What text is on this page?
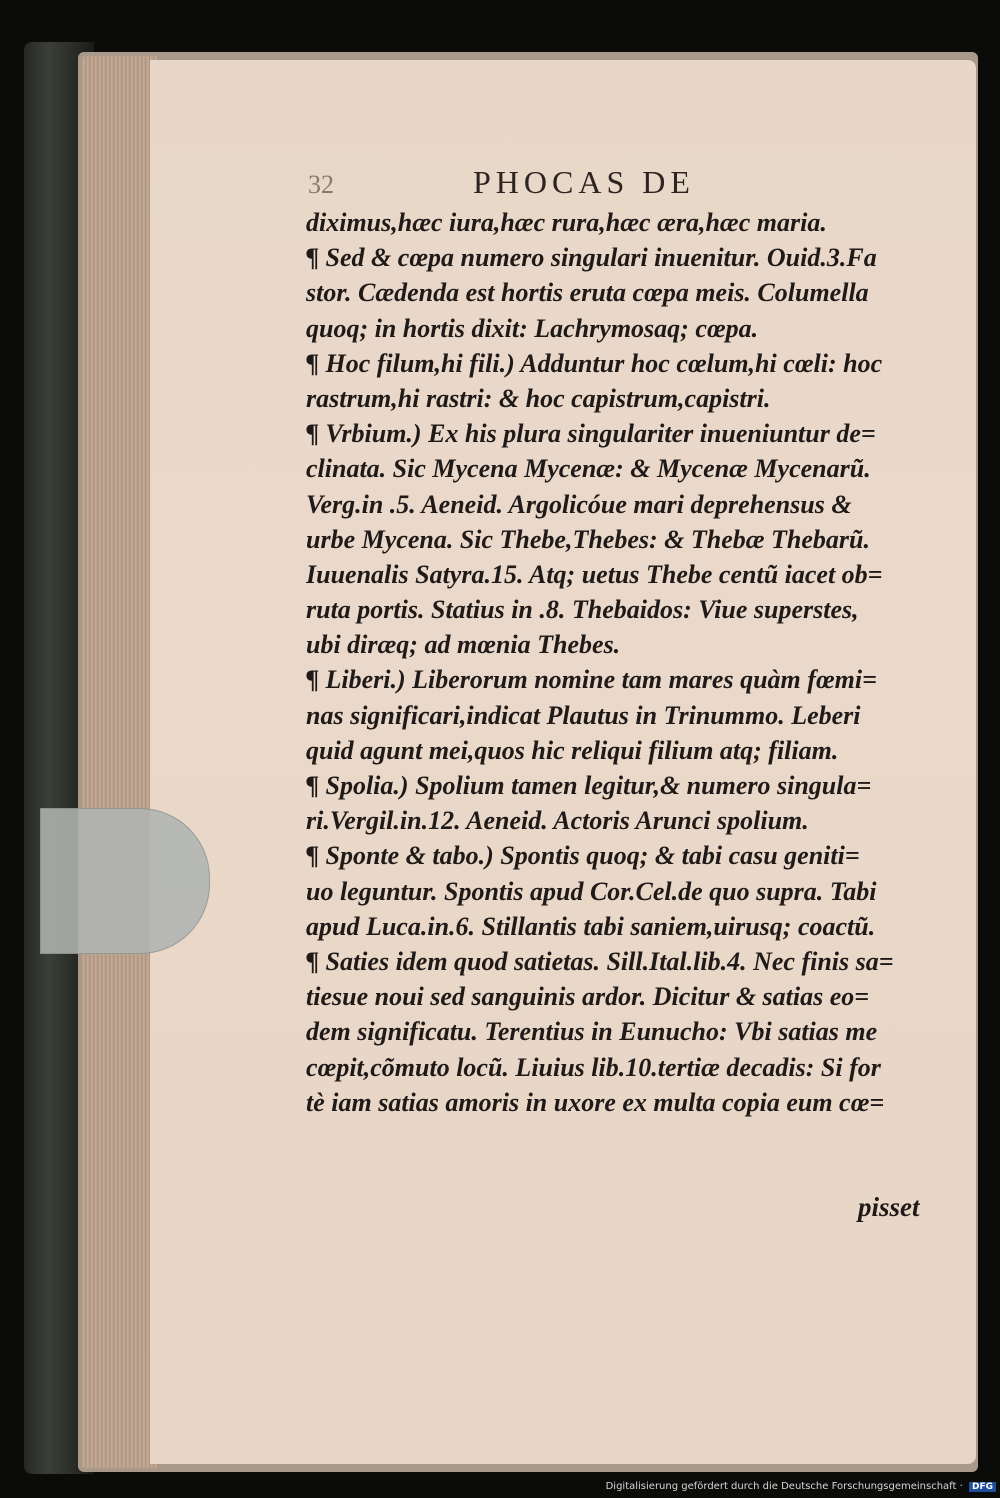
32	PHOCAS DE
diximus,hæc iura,hæc rura,hæc æra,hæc maria.
¶ Sed & cœpa numero singulari inuenitur. Ouid.3.Fa
stor. Cædenda est hortis eruta cœpa meis. Columella
quoq; in hortis dixit: Lachrymosaq; cœpa.
¶ Hoc filum,hi fili.) Adduntur hoc cœlum,hi cœli: hoc
rastrum,hi rastri: & hoc capistrum,capistri.
¶ Vrbium.) Ex his plura singulariter inueniuntur de=
clinata. Sic Mycena Mycenæ: & Mycenæ Mycenarũ.
Verg.in .5. Aeneid. Argolicóue mari deprehensus &
urbe Mycena. Sic Thebe,Thebes: & Thebæ Thebarũ.
Iuuenalis Satyra.15. Atq; uetus Thebe centũ iacet ob=
ruta portis. Statius in .8. Thebaidos: Viue superstes,
ubi diræq; ad mœnia Thebes.
¶ Liberi.) Liberorum nomine tam mares quàm fœmi=
nas significari,indicat Plautus in Trinummo. Leberi
quid agunt mei,quos hic reliqui filium atq; filiam.
¶ Spolia.) Spolium tamen legitur,& numero singula=
ri.Vergil.in.12. Aeneid. Actoris Arunci spolium.
¶ Sponte & tabo.) Spontis quoq; & tabi casu geniti=
uo leguntur. Spontis apud Cor.Cel.de quo supra. Tabi
apud Luca.in.6. Stillantis tabi saniem,uirusq; coactũ.
¶ Saties idem quod satietas. Sill.Ital.lib.4. Nec finis sa=
tiesue noui sed sanguinis ardor. Dicitur & satias eo=
dem significatu. Terentius in Eunucho: Vbi satias me
cœpit,cõmuto locũ. Liuius lib.10.tertiæ decadis: Si for
tè iam satias amoris in uxore ex multa copia eum cœ=
pisset
Digitalisierung gefördert durch die Deutsche Forschungsgemeinschaft · DFG
